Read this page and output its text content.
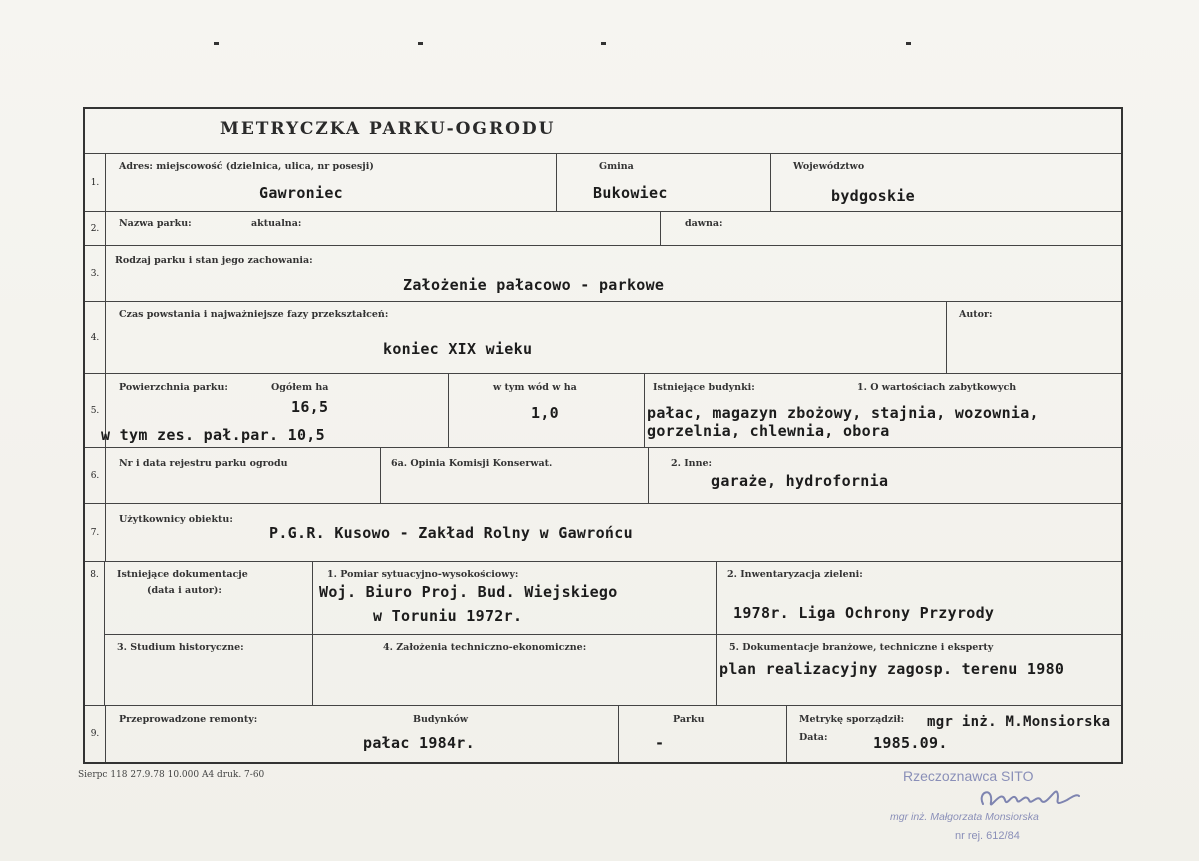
METRYCZKA PARKU-OGRODU
1.
Adres: miejscowość (dzielnica, ulica, nr posesji)
Gawroniec
Gmina
Bukowiec
Województwo
bydgoskie
2.	Nazwa parku:	aktualna:	dawna:
3.
Rodzaj parku i stan jego zachowania:
Założenie pałacowo - parkowe
4.
Czas powstania i najważniejsze fazy przekształceń:
koniec XIX wieku
Autor:
5.
Powierzchnia parku:	Ogółem ha
16,5
w tym zes. pał.par. 10,5
w tym wód w ha
1,0
Istniejące budynki:	1. O wartościach zabytkowych
pałac, magazyn zbożowy, stajnia, wozownia,
gorzelnia, chlewnia, obora
6.
Nr i data rejestru parku ogrodu	6a. Opinia Komisji Konserwat.	2. Inne:
garaże, hydrofornia
7.
Użytkownicy obiektu:
P.G.R. Kusowo - Zakład Rolny w Gawrońcu
8.	Istniejące dokumentacje
(data i autor):
1. Pomiar sytuacyjno-wysokościowy:
Woj. Biuro Proj. Bud. Wiejskiego
w Toruniu 1972r.
2. Inwentaryzacja zieleni:
1978r. Liga Ochrony Przyrody
3. Studium historyczne:	4. Założenia techniczno-ekonomiczne:	5. Dokumentacje branżowe, techniczne i eksperty
plan realizacyjny zagosp. terenu 1980
9.
Przeprowadzone remonty:	Budynków
pałac 1984r.
Parku
-
Metrykę sporządził: mgr inż. M.Monsiorska
Data:	1985.09.
Sierpc 118 27.9.78 10.000 A4 druk. 7-60	Rzeczoznawca SITO
mgr inż. Małgorzata Monsiorska
nr rej. 612/84
